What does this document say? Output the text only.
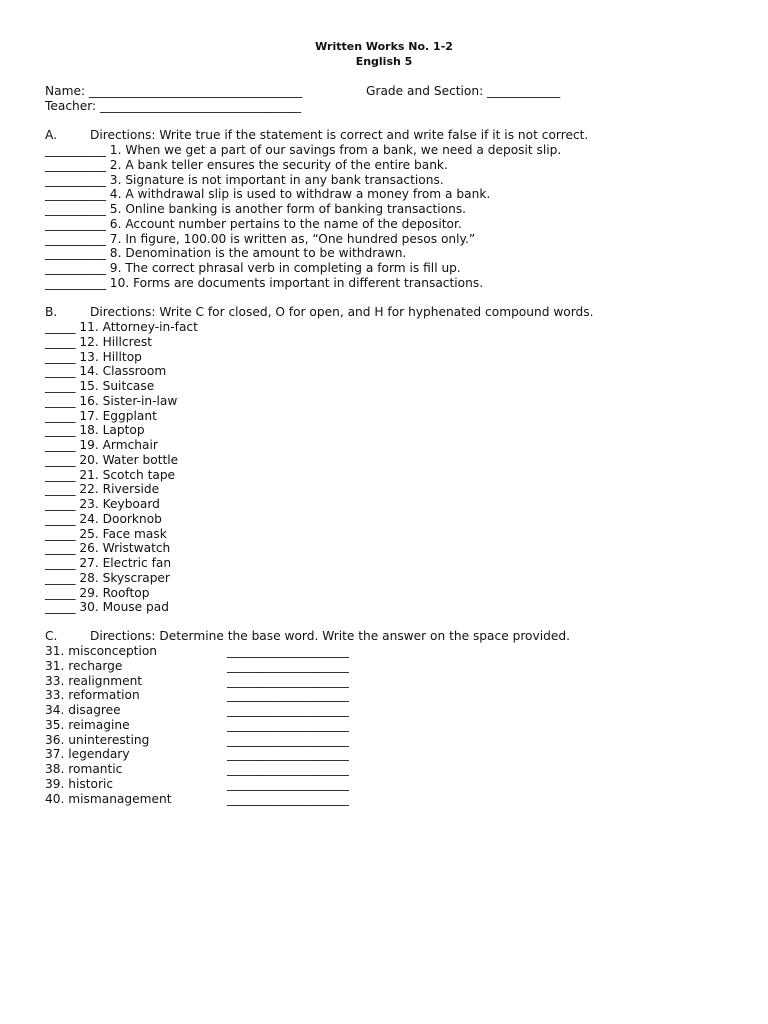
Written Works No. 1-2
English 5
Name: ___________________________________	Grade and Section: ____________
Teacher: _________________________________
A.	Directions: Write true if the statement is correct and write false if it is not correct.
__________ 1. When we get a part of our savings from a bank, we need a deposit slip.
__________ 2. A bank teller ensures the security of the entire bank.
__________ 3. Signature is not important in any bank transactions.
__________ 4. A withdrawal slip is used to withdraw a money from a bank.
__________ 5. Online banking is another form of banking transactions.
__________ 6. Account number pertains to the name of the depositor.
__________ 7. In figure, 100.00 is written as, “One hundred pesos only.”
__________ 8. Denomination is the amount to be withdrawn.
__________ 9. The correct phrasal verb in completing a form is fill up.
__________ 10. Forms are documents important in different transactions.
B.	Directions: Write C for closed, O for open, and H for hyphenated compound words.
_____ 11. Attorney-in-fact
_____ 12. Hillcrest
_____ 13. Hilltop
_____ 14. Classroom
_____ 15. Suitcase
_____ 16. Sister-in-law
_____ 17. Eggplant
_____ 18. Laptop
_____ 19. Armchair
_____ 20. Water bottle
_____ 21. Scotch tape
_____ 22. Riverside
_____ 23. Keyboard
_____ 24. Doorknob
_____ 25. Face mask
_____ 26. Wristwatch
_____ 27. Electric fan
_____ 28. Skyscraper
_____ 29. Rooftop
_____ 30. Mouse pad
C.	Directions: Determine the base word. Write the answer on the space provided.
31. misconception	____________________
31. recharge	____________________
33. realignment	____________________
33. reformation	____________________
34. disagree	____________________
35. reimagine	____________________
36. uninteresting	____________________
37. legendary	____________________
38. romantic	____________________
39. historic	____________________
40. mismanagement	____________________
